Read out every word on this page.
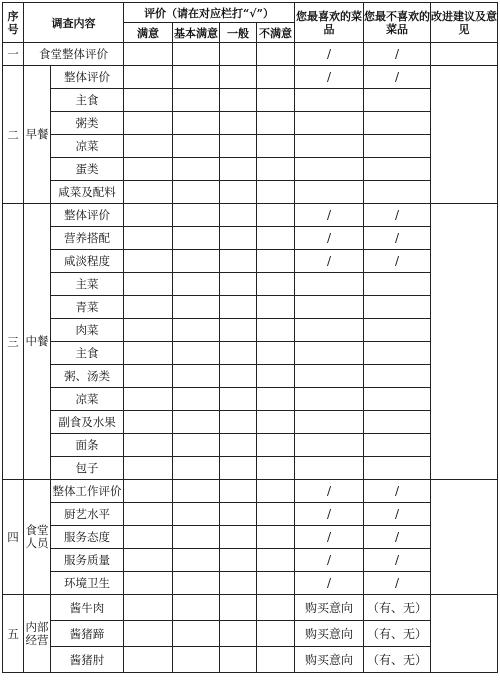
序号	调查内容		评价（请在对应栏打“√”）				您最喜欢的菜品	您最不喜欢的菜品	改进建议及意见
			满意	基本满意	一般	不满意			
一	食堂整体评价						/	/	
二	早餐	整体评价					/	/	
		主食							
		粥类							
		凉菜							
		蛋类							
		咸菜及配料							
三	中餐	整体评价					/	/	
		营养搭配					/	/	
		咸淡程度					/	/	
		主菜							
		青菜							
		肉菜							
		主食							
		粥、汤类							
		凉菜							
		副食及水果							
		面条							
		包子							
四	食堂人员	整体工作评价					/	/	
		厨艺水平					/	/	
		服务态度					/	/	
		服务质量					/	/	
		环境卫生					/	/	
五	内部经营	酱牛肉					购买意向	（有、无）	
		酱猪蹄					购买意向	（有、无）	
		酱猪肘					购买意向	（有、无）	
